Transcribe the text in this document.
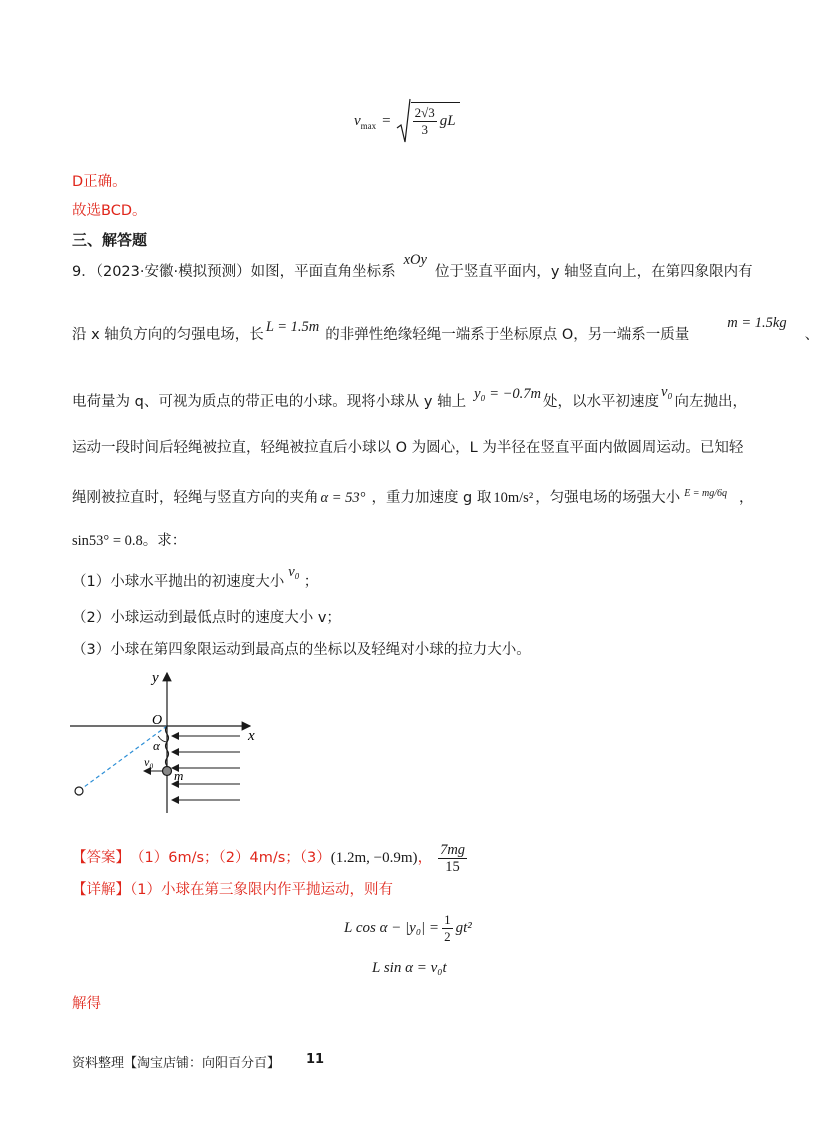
v $\max = \frac{2√3}{3}$ gL
D正确。
故选BCD。
三、解答题
9．（2023·安徽·模拟预测）如图，平面直角坐标系xOy位于竖直平面内，y 轴竖直向上，在第四象限内有
沿 x 轴负方向的匀强电场，长 L = 1.5m 的非弹性绝缘轻绳一端系于坐标原点 O，另一端系一质量m = 1.5kg、
电荷量为 q、可视为质点的带正电的小球。现将小球从 y 轴上 y₀ = −0.7m 处，以水平初速度v₀向左抛出，
运动一段时间后轻绳被拉直，轻绳被拉直后小球以 O 为圆心，L 为半径在竖直平面内做圆周运动。已知轻
绳刚被拉直时，轻绳与竖直方向的夹角 α = 53° ，重力加速度 g 取 10m/s² ，匀强电场的场强大小 $^{E = mg/6q}$ ，
sin53° = 0.8。求：
（1）小球水平抛出的初速度大小v₀；
（2）小球运动到最低点时的速度大小 v；
（3）小球在第四象限运动到最高点的坐标以及轻绳对小球的拉力大小。
y
x
O
α
v₀
m
【答案】 （1）6m/s；（2）4m/s；（3） (1.2m, −0.9m) ， $\frac{7mg}{15}$
【详解】（1）小球在第三象限内作平抛运动，则有
L $\cos \alpha - |y_0| = \frac{1}{2} gt^2$
L sin α = v₀t
解得
资料整理【淘宝店铺：向阳百分百】 11
